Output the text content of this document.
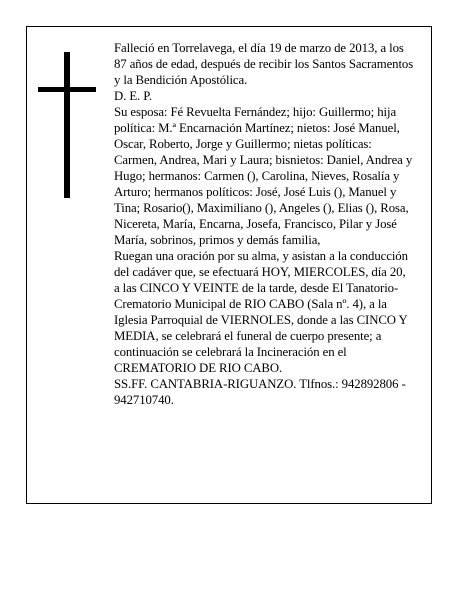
Falleció en Torrelavega, el día 19 de marzo de 2013, a los 87 años de edad, después de recibir los Santos Sacramentos y la Bendición Apostólica.

D. E. P.

Su esposa: Fé Revuelta Fernández; hijo: Guillermo; hija política: M.ª Encarnación Martínez; nietos: José Manuel, Oscar, Roberto, Jorge y Guillermo; nietas políticas: Carmen, Andrea, Mari y Laura; bisnietos: Daniel, Andrea y Hugo; hermanos: Carmen (), Carolina, Nieves, Rosalía y Arturo; hermanos políticos: José, José Luis (), Manuel y Tina; Rosario(), Maximiliano (), Angeles (), Elias (), Rosa, Nicereta, María, Encarna, Josefa, Francisco, Pilar y José María, sobrinos, primos y demás familia,

Ruegan una oración por su alma, y asistan a la conducción del cadáver que, se efectuará HOY, MIERCOLES, día 20, a las CINCO Y VEINTE de la tarde, desde El Tanatorio-Crematorio Municipal de RIO CABO (Sala nº. 4), a la Iglesia Parroquial de VIERNOLES, donde a las CINCO Y MEDIA, se celebrará el funeral de cuerpo presente; a continuación se celebrará la Incineración en el CREMATORIO DE RIO CABO.

SS.FF. CANTABRIA-RIGUANZO. Tlfnos.: 942892806 - 942710740.
